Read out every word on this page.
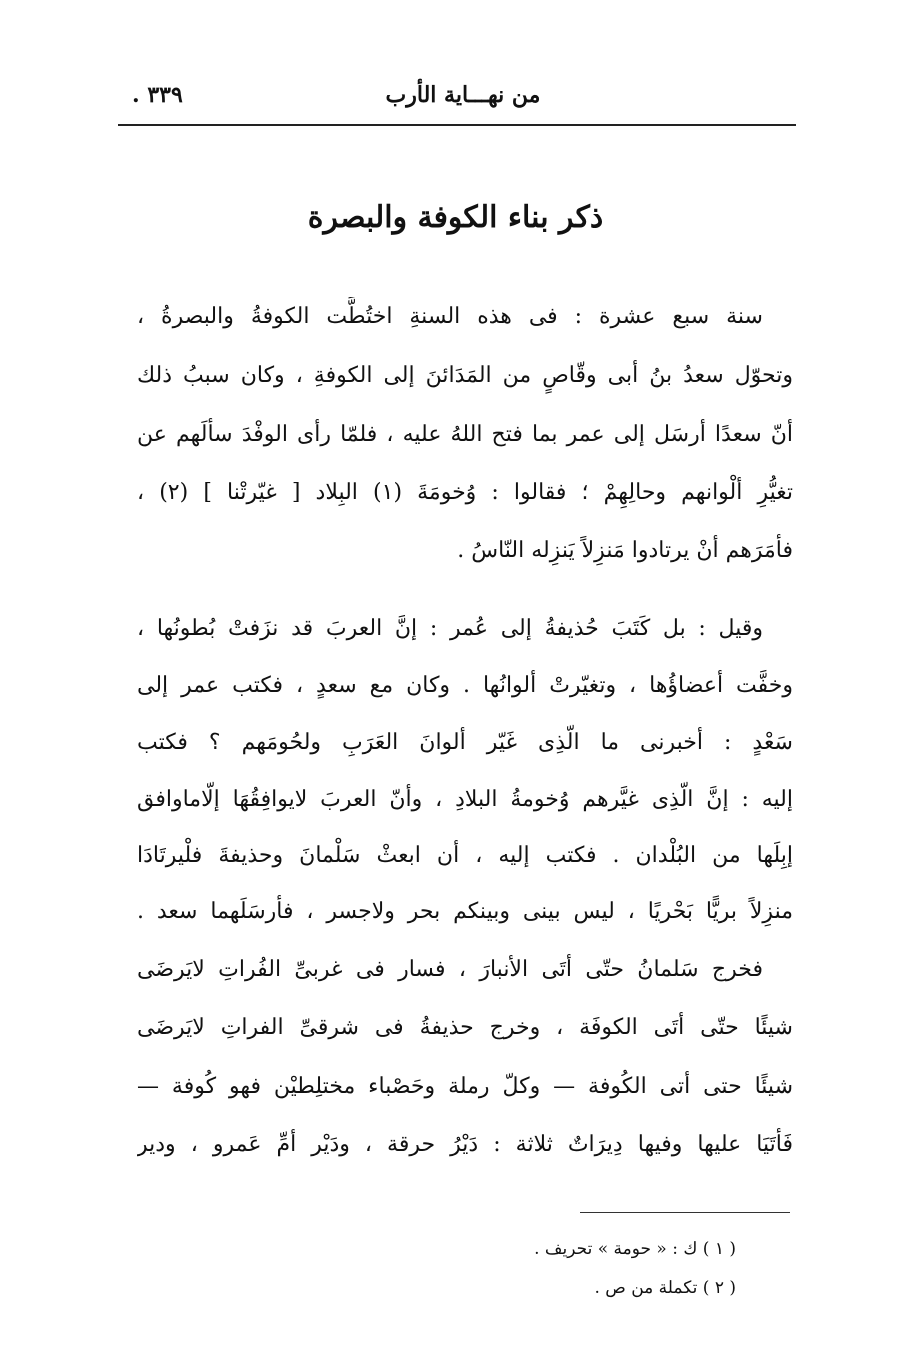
من نهـــاية الأرب
٣٣٩ .
ذكر بناء الكوفة والبصرة
سنة سبع عشرة : فى هذه السنةِ اختُطَّت الكوفةُ والبصرةُ ،
وتحوّل سعدُ بنُ أبى وقّاصٍ من المَدَائنَ إلى الكوفةِ ، وكان سببُ ذلك
أنّ سعدًا أرسَل إلى عمر بما فتح اللهُ عليه ، فلمّا رأى الوفْدَ سألَهم عن
تغيُّرِ ألْوانهم وحالِهِمْ ؛ فقالوا : وُخومَةَ (١) البِلاد [ غيّرتْنا ] (٢) ،
فأمَرَهم أنْ يرتادوا مَنزِلاً يَنزِله النّاسُ .
وقيل : بل كَتَبَ حُذيفةُ إلى عُمر : إنَّ العربَ قد نزَفتْ بُطونُها ،
وخفَّت أعضاؤُها ، وتغيّرتْ ألوانُها . وكان مع سعدٍ ، فكتب عمر إلى
سَعْدٍ : أخبرنى ما الّذِى غَيّر ألوانَ العَرَبِ ولحُومَهم ؟ فكتب
إليه : إنَّ الّذِى غيَّرهم وُخومةُ البلادِ ، وأنّ العربَ لايوافِقُهَا إلّاماوافق
إبِلَها من البُلْدان . فكتب إليه ، أن ابعثْ سَلْمانَ وحذيفةَ فلْيرتَادَا
منزِلاً بريًّا بَحْريًا ، ليس بينى وبينكم بحر ولاجسر ، فأرسَلَهما سعد .
فخرج سَلمانُ حتّى أتَى الأنبارَ ، فسار فى غربىِّ الفُراتِ لايَرضَى
شيئًا حتّى أتَى الكوفَة ، وخرج حذيفةُ فى شرقىِّ الفراتِ لايَرضَى
شيئًا حتى أتى الكُوفة — وكلّ رملة وحَصْباء مختلِطيْن فهو كُوفة —
فَأتَيَا عليها وفيها دِيرَاتٌ ثلاثة : دَيْرُ حرقة ، ودَيْر أمِّ عَمرو ، ودير
( ١ ) ك : « حومة » تحريف .
( ٢ ) تكملة من ص .
